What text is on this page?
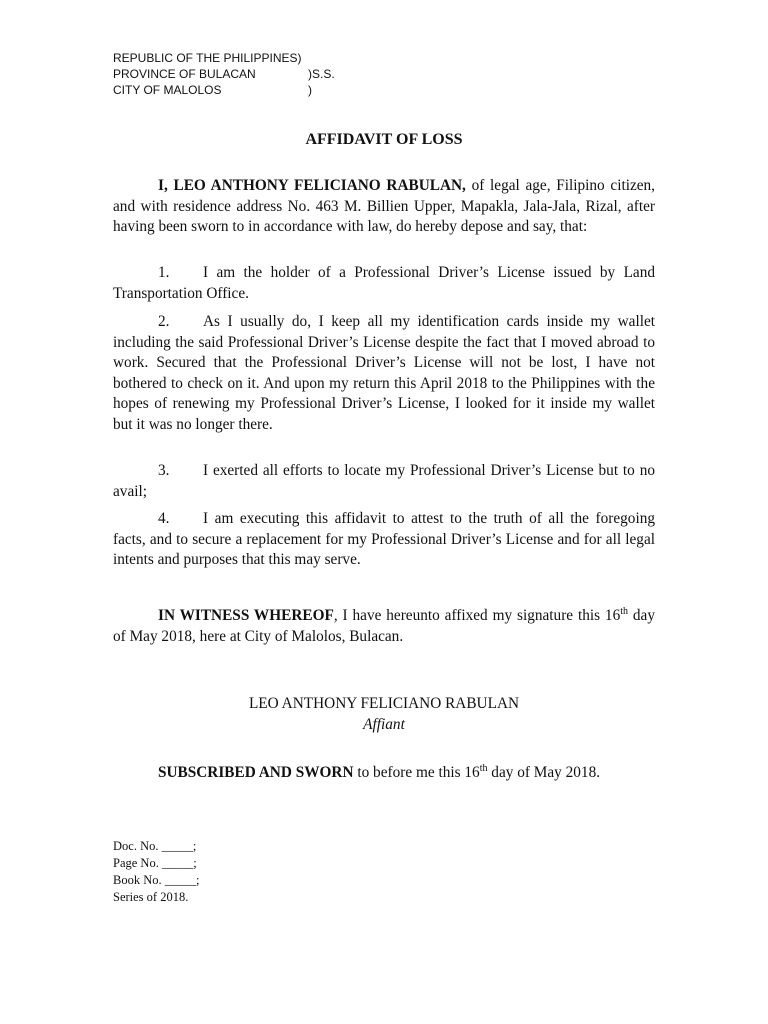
REPUBLIC OF THE PHILIPPINES)
PROVINCE OF BULACAN	)S.S.
CITY OF MALOLOS	)
AFFIDAVIT OF LOSS

I, LEO ANTHONY FELICIANO RABULAN, of legal age, Filipino citizen, and with residence address No. 463 M. Billien Upper, Mapakla, Jala-Jala, Rizal, after having been sworn to in accordance with law, do hereby depose and say, that:

1. I am the holder of a Professional Driver’s License issued by Land Transportation Office.

2. As I usually do, I keep all my identification cards inside my wallet including the said Professional Driver’s License despite the fact that I moved abroad to work. Secured that the Professional Driver’s License will not be lost, I have not bothered to check on it. And upon my return this April 2018 to the Philippines with the hopes of renewing my Professional Driver’s License, I looked for it inside my wallet but it was no longer there.

3. I exerted all efforts to locate my Professional Driver’s License but to no avail;

4. I am executing this affidavit to attest to the truth of all the foregoing facts, and to secure a replacement for my Professional Driver’s License and for all legal intents and purposes that this may serve.

IN WITNESS WHEREOF, I have hereunto affixed my signature this 16th day of May 2018, here at City of Malolos, Bulacan.

LEO ANTHONY FELICIANO RABULAN
Affiant

SUBSCRIBED AND SWORN to before me this 16th day of May 2018.

Doc. No. _____;
Page No. _____;
Book No. _____;
Series of 2018.
